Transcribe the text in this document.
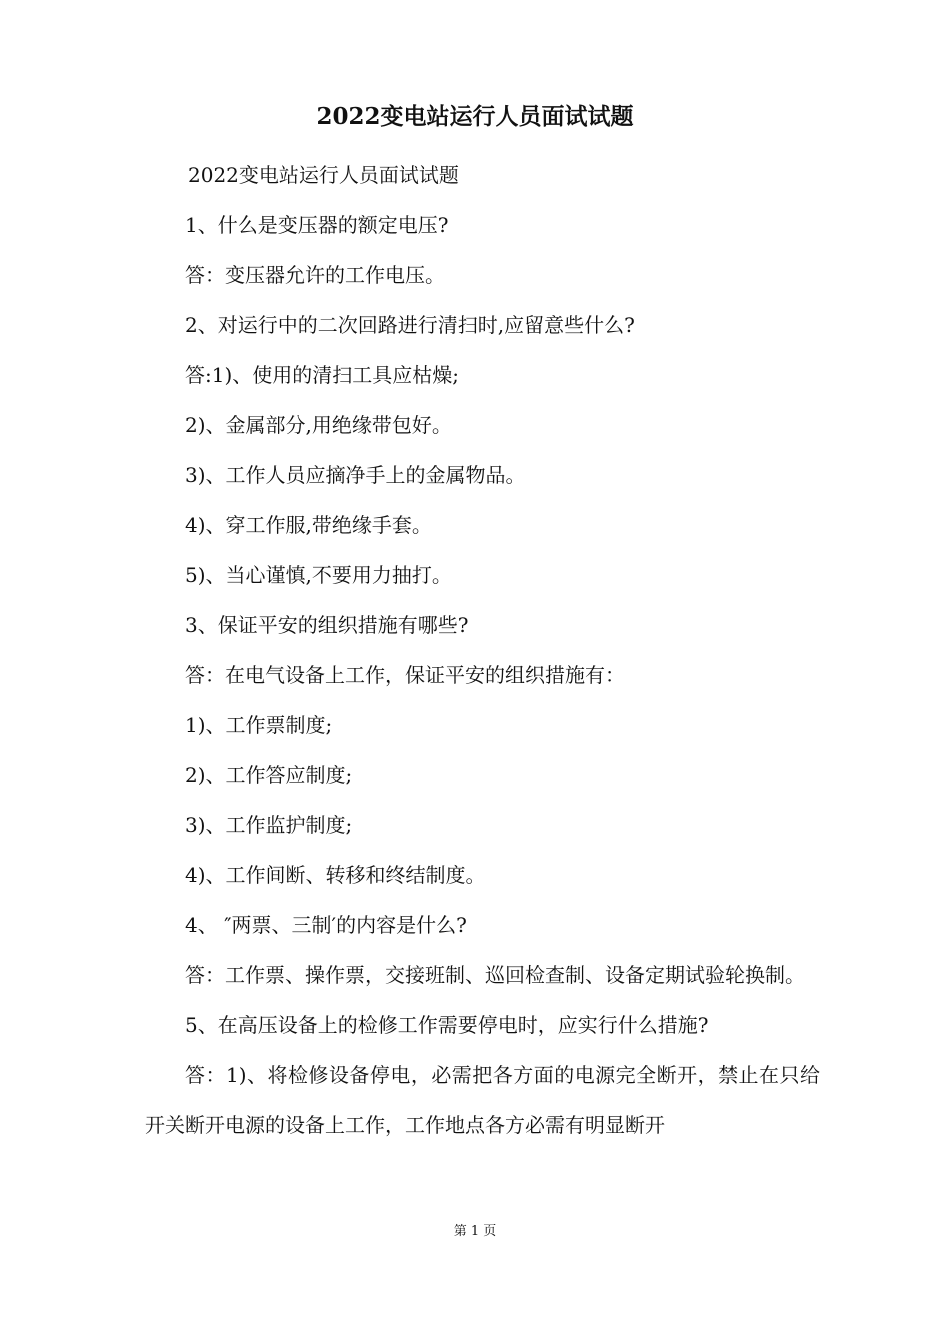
2022变电站运行人员面试试题

2022变电站运行人员面试试题

1、什么是变压器的额定电压?

答：变压器允许的工作电压。

2、对运行中的二次回路进行清扫时,应留意些什么?

答:1)、使用的清扫工具应枯燥;

2)、金属部分,用绝缘带包好。

3)、工作人员应摘净手上的金属物品。

4)、穿工作服,带绝缘手套。

5)、当心谨慎,不要用力抽打。

3、保证平安的组织措施有哪些?

答：在电气设备上工作，保证平安的组织措施有：

1)、工作票制度;

2)、工作答应制度;

3)、工作监护制度;

4)、工作间断、转移和终结制度。

4、 ″两票、三制′的内容是什么?

答：工作票、操作票，交接班制、巡回检查制、设备定期试验轮换制。

5、在高压设备上的检修工作需要停电时，应实行什么措施?

答：1)、将检修设备停电，必需把各方面的电源完全断开，禁止在只给开关断开电源的设备上工作，工作地点各方必需有明显断开

第 1 页
